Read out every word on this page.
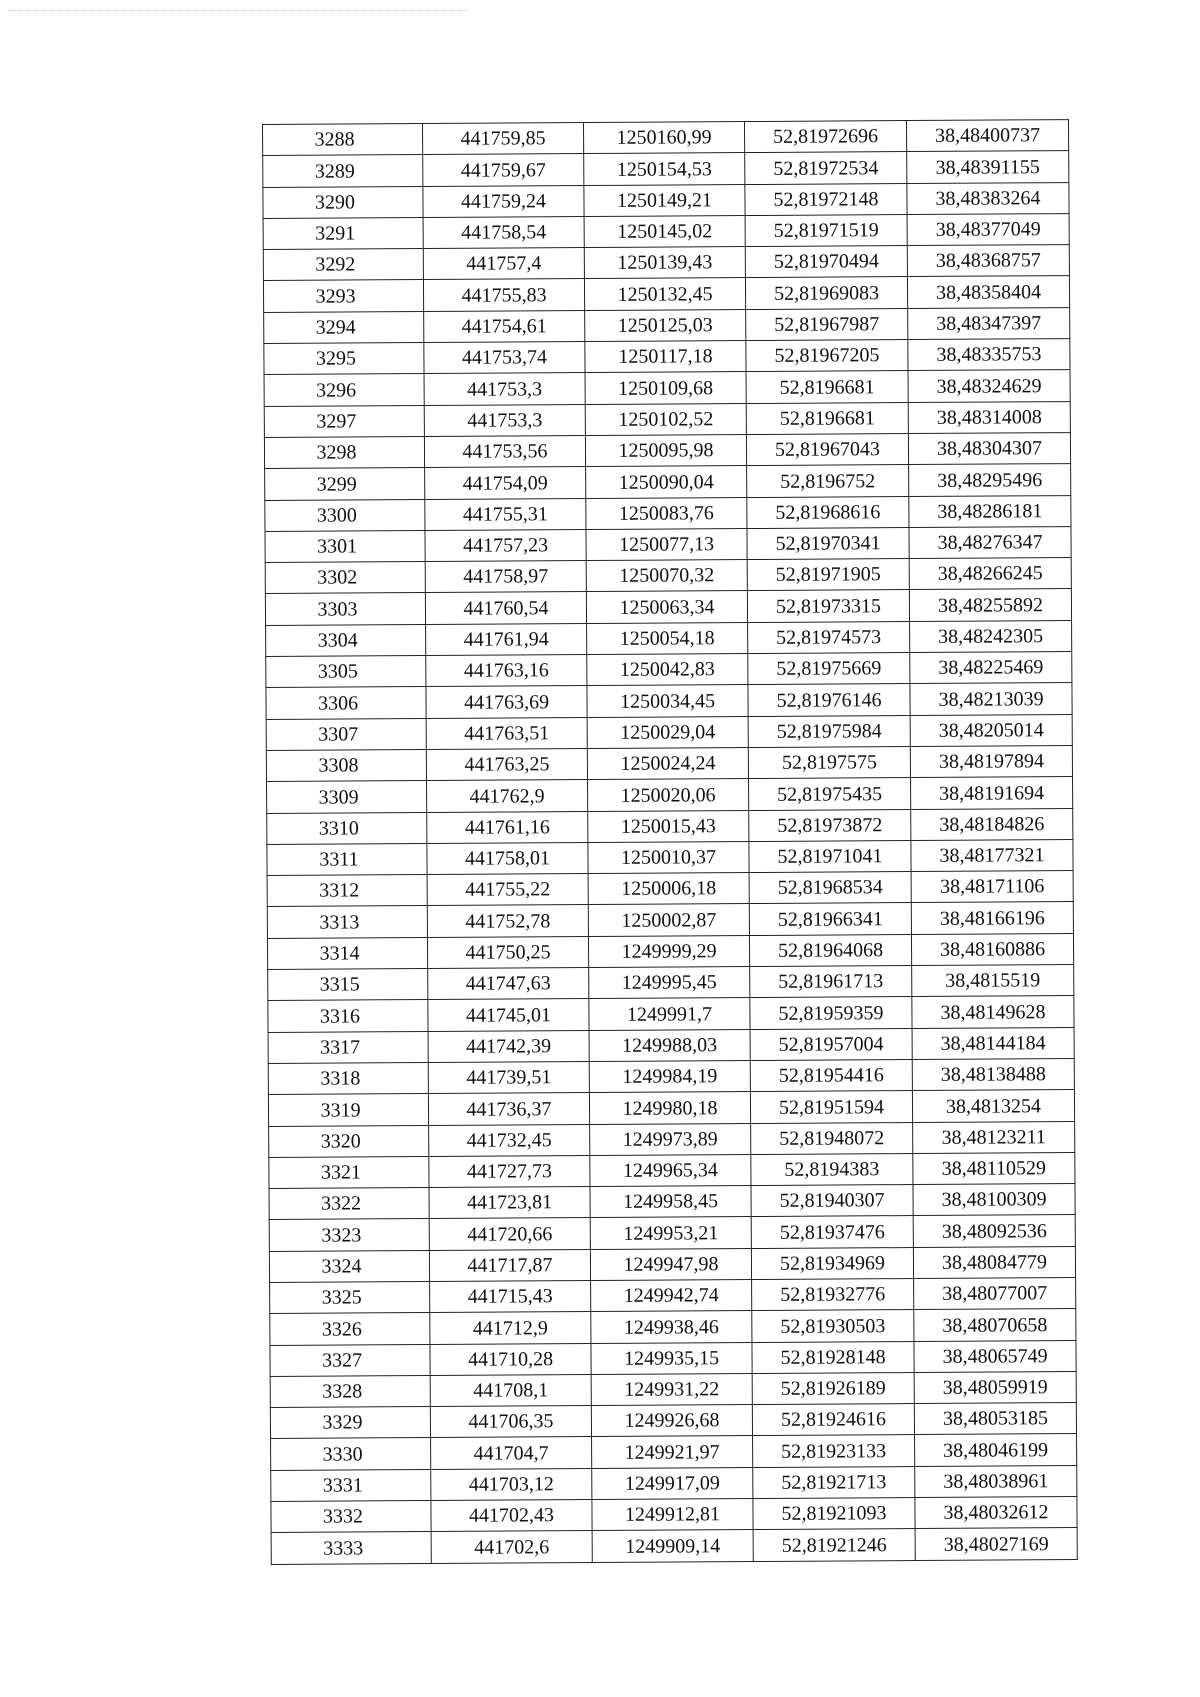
3288	441759,85	1250160,99	52,81972696	38,48400737
3289	441759,67	1250154,53	52,81972534	38,48391155
3290	441759,24	1250149,21	52,81972148	38,48383264
3291	441758,54	1250145,02	52,81971519	38,48377049
3292	441757,4	1250139,43	52,81970494	38,48368757
3293	441755,83	1250132,45	52,81969083	38,48358404
3294	441754,61	1250125,03	52,81967987	38,48347397
3295	441753,74	1250117,18	52,81967205	38,48335753
3296	441753,3	1250109,68	52,8196681	38,48324629
3297	441753,3	1250102,52	52,8196681	38,48314008
3298	441753,56	1250095,98	52,81967043	38,48304307
3299	441754,09	1250090,04	52,8196752	38,48295496
3300	441755,31	1250083,76	52,81968616	38,48286181
3301	441757,23	1250077,13	52,81970341	38,48276347
3302	441758,97	1250070,32	52,81971905	38,48266245
3303	441760,54	1250063,34	52,81973315	38,48255892
3304	441761,94	1250054,18	52,81974573	38,48242305
3305	441763,16	1250042,83	52,81975669	38,48225469
3306	441763,69	1250034,45	52,81976146	38,48213039
3307	441763,51	1250029,04	52,81975984	38,48205014
3308	441763,25	1250024,24	52,8197575	38,48197894
3309	441762,9	1250020,06	52,81975435	38,48191694
3310	441761,16	1250015,43	52,81973872	38,48184826
3311	441758,01	1250010,37	52,81971041	38,48177321
3312	441755,22	1250006,18	52,81968534	38,48171106
3313	441752,78	1250002,87	52,81966341	38,48166196
3314	441750,25	1249999,29	52,81964068	38,48160886
3315	441747,63	1249995,45	52,81961713	38,4815519
3316	441745,01	1249991,7	52,81959359	38,48149628
3317	441742,39	1249988,03	52,81957004	38,48144184
3318	441739,51	1249984,19	52,81954416	38,48138488
3319	441736,37	1249980,18	52,81951594	38,4813254
3320	441732,45	1249973,89	52,81948072	38,48123211
3321	441727,73	1249965,34	52,8194383	38,48110529
3322	441723,81	1249958,45	52,81940307	38,48100309
3323	441720,66	1249953,21	52,81937476	38,48092536
3324	441717,87	1249947,98	52,81934969	38,48084779
3325	441715,43	1249942,74	52,81932776	38,48077007
3326	441712,9	1249938,46	52,81930503	38,48070658
3327	441710,28	1249935,15	52,81928148	38,48065749
3328	441708,1	1249931,22	52,81926189	38,48059919
3329	441706,35	1249926,68	52,81924616	38,48053185
3330	441704,7	1249921,97	52,81923133	38,48046199
3331	441703,12	1249917,09	52,81921713	38,48038961
3332	441702,43	1249912,81	52,81921093	38,48032612
3333	441702,6	1249909,14	52,81921246	38,48027169
